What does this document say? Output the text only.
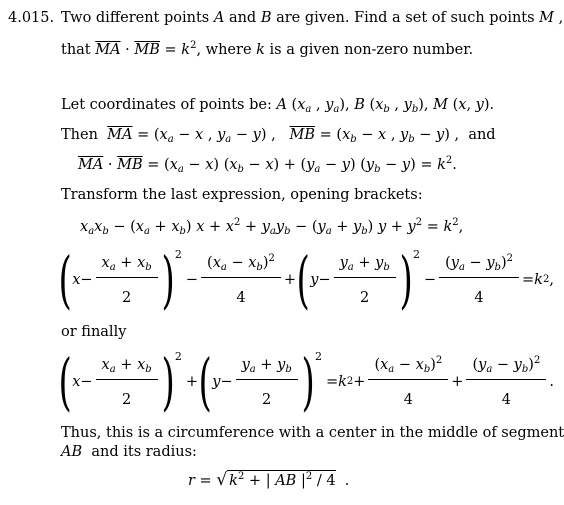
4.015. Two different points A and B are given. Find a set of such points M ,
that $\overline{MA} \cdot \overline{MB} = k^2$, where k is a given non-zero number.
Let coordinates of points be: A ($x_a$ , $y_a$), B ($x_b$ , $y_b$), M (x, y).
Then $\overline{MA} = (x_a - x$ , $y_a - y$) ,   $\overline{MB} = (x_b - x$ , $y_b - y$) ,  and
$\overline{MA} \cdot \overline{MB} = (x_a - x) (x_b - x) + (y_a - y) (y_b - y) = k^2$.
Transform the last expression, opening brackets:
$x_ax_b - (x_a + x_b) x + x^2 + y_ay_b - (y_a + y_b) y + y^2 = k^2$,
( $x - \frac{x_a + x_b}{2}$ ) 2
− $\frac{(x_a - x_b)^2}{4}$ + ( $y - \frac{y_a + y_b}{2}$ ) 2
− $\frac{(y_a - y_b)^2}{4} = k$ 2 ,
or finally
( $x - \frac{x_a + x_b}{2}$ ) 2
+ ( $y - \frac{y_a + y_b}{2}$ ) 2
= k $2 + \frac{(x_a - x_b)^2}{4} + \frac{(y_a - y_b)^2}{4}$ .
Thus, this is a circumference with a center in the middle of segment
AB  and its radius:
r = √ $k^2$ + | AB $|^2 / 4$  .
